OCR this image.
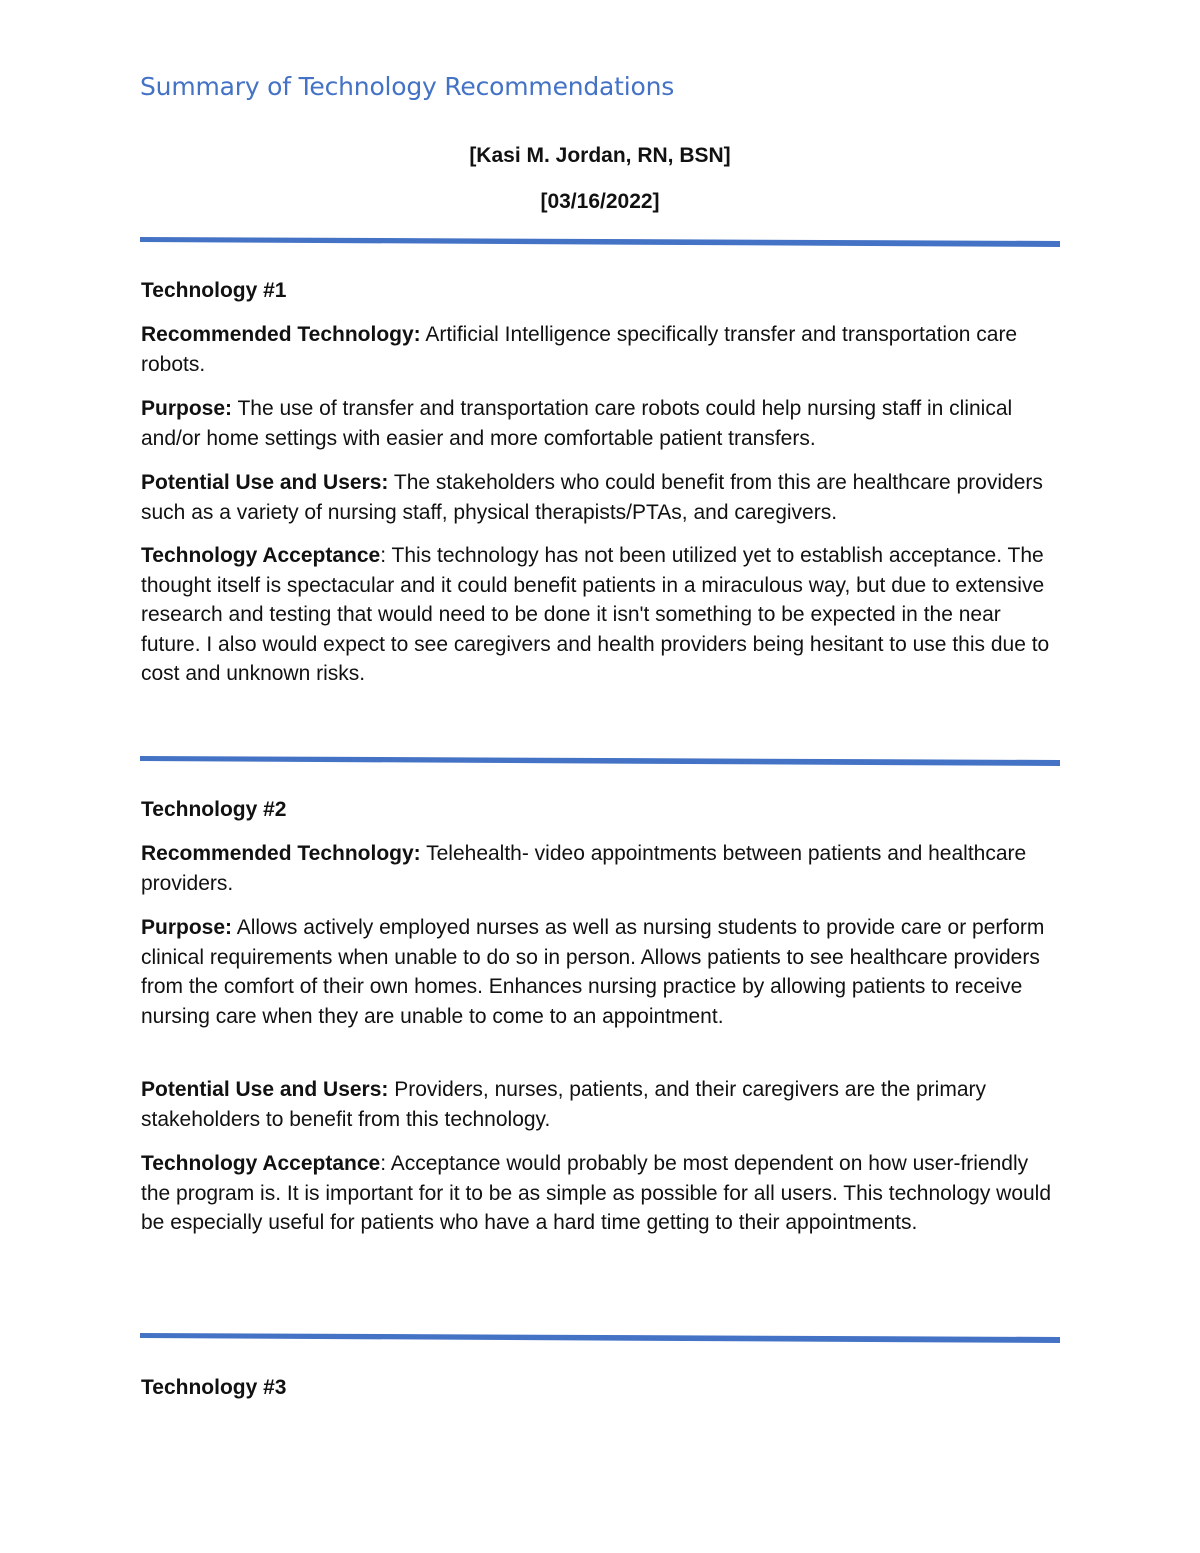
Summary of Technology Recommendations
[Kasi M. Jordan, RN, BSN]
[03/16/2022]
Technology #1
Recommended Technology: Artificial Intelligence specifically transfer and transportation care robots.
Purpose: The use of transfer and transportation care robots could help nursing staff in clinical and/or home settings with easier and more comfortable patient transfers.
Potential Use and Users: The stakeholders who could benefit from this are healthcare providers such as a variety of nursing staff, physical therapists/PTAs, and caregivers.
Technology Acceptance: This technology has not been utilized yet to establish acceptance. The thought itself is spectacular and it could benefit patients in a miraculous way, but due to extensive research and testing that would need to be done it isn't something to be expected in the near future. I also would expect to see caregivers and health providers being hesitant to use this due to cost and unknown risks.
Technology #2
Recommended Technology: Telehealth- video appointments between patients and healthcare providers.
Purpose: Allows actively employed nurses as well as nursing students to provide care or perform clinical requirements when unable to do so in person. Allows patients to see healthcare providers from the comfort of their own homes. Enhances nursing practice by allowing patients to receive nursing care when they are unable to come to an appointment.
Potential Use and Users: Providers, nurses, patients, and their caregivers are the primary stakeholders to benefit from this technology.
Technology Acceptance: Acceptance would probably be most dependent on how user-friendly the program is. It is important for it to be as simple as possible for all users. This technology would be especially useful for patients who have a hard time getting to their appointments.
Technology #3
